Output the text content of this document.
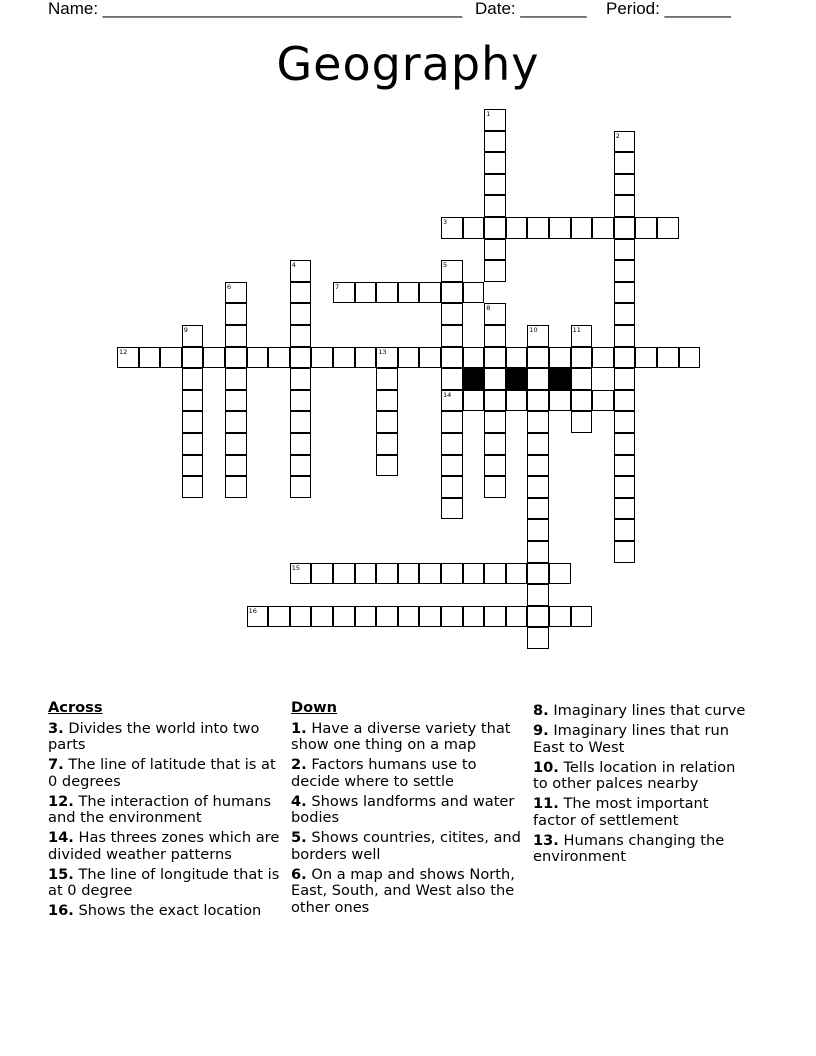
Name: ______________________________________ Date: _______ Period: _______
Geography
1
2
3
4	5
6	7
8
9	10	11
12	13
14
15
16
Across
3. Divides the world into two parts
7. The line of latitude that is at 0 degrees
12. The interaction of humans and the environment
14. Has threes zones which are divided weather patterns
15. The line of longitude that is at 0 degree
16. Shows the exact location
Down
1. Have a diverse variety that show one thing on a map
2. Factors humans use to decide where to settle
4. Shows landforms and water bodies
5. Shows countries, citites, and borders well
6. On a map and shows North, East, South, and West also the other ones
8. Imaginary lines that curve
9. Imaginary lines that run East to West
10. Tells location in relation to other palces nearby
11. The most important factor of settlement
13. Humans changing the environment
